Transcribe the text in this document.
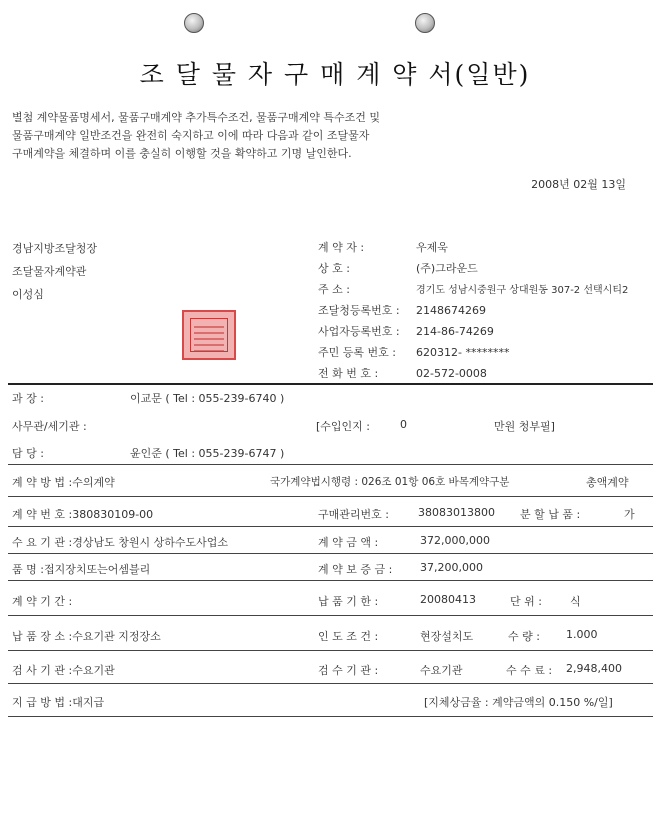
조 달 물 자 구 매 계 약 서(일반)
별첨 계약물품명세서, 물품구매계약 추가특수조건, 물품구매계약 특수조건 및
물품구매계약 일반조건을 완전히 숙지하고 이에 따라 다음과 같이 조달물자
구매계약을 체결하며 이를 충실히 이행할 것을 확약하고 기명 날인한다.
2008년 02월 13일
경남지방조달청장
조달물자계약관
이성심
계 약 자 :	우제욱
상 호 :	(주)그라운드
주 소 :	경기도 성남시중원구 상대원동 307-2 선택시티2
조달청등록번호 : 2148674269
사업자등록번호 : 214-86-74269
주민 등록 번호 : 620312- ********
전 화 번 호 :	02-572-0008
과 장 :	이교문 ( Tel : 055-239-6740 )
사무관/세기관 :	[수입인지 :	0	만원 청부필]
담 당 :	윤인준 ( Tel : 055-239-6747 )
계 약 방 법 :수의계약	국가계약법시행령 : 026조 01항 06호 바목계약구분	총액계약
계 약 번 호 :380830109-00	구매관리번호 :	38083013800 분 할 납 품 :	가
수 요 기 관 :경상남도 창원시 상하수도사업소	계 약 금 액 :	372,000,000
품 명 :접지장치또는어셈블리	계 약 보 증 금 :	37,200,000
계 약 기 간 :	납 품 기 한 :	20080413	단 위 :	식
납 품 장 소 :수요기관 지정장소	인 도 조 건 :	현장설치도	수 량 : 1.000
검 사 기 관 :수요기관	검 수 기 관 :	수요기관	수 수 료 : 2,948,400
지 급 방 법 :대지급	[지체상금율 : 계약금액의 0.150 %/일]
